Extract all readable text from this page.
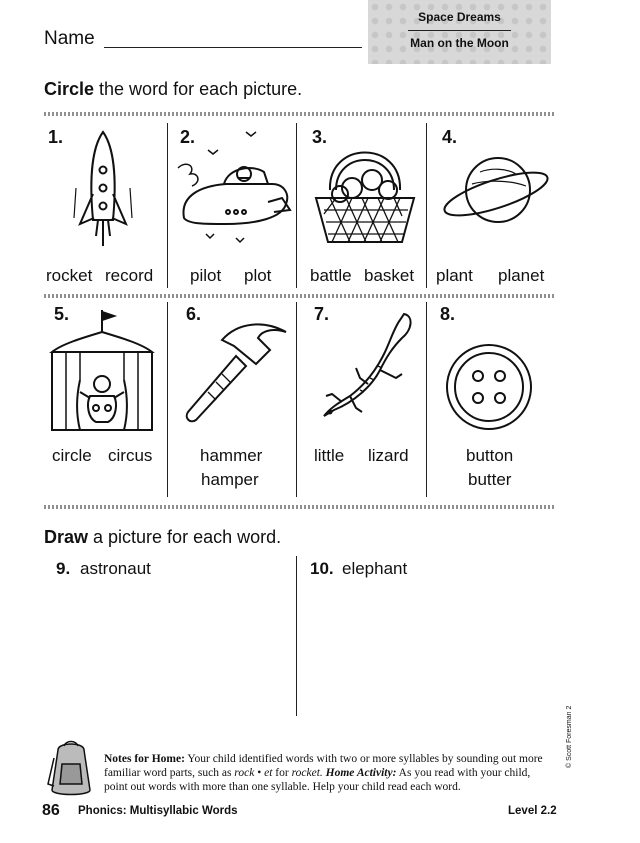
Name
Space Dreams
Man on the Moon
Circle the word for each picture.
1.
rocket record
2.
pilot plot
3.
battle basket
4.
plant planet
5.
circle circus
6.
hammer
hamper
7.
little lizard
8.
button
butter
Draw a picture for each word.
9. astronaut	10. elephant
Notes for Home: Your child identified words with two or more syllables by sounding out more familiar word parts, such as rock • et for rocket. Home Activity: As you read with your child, point out words with more than one syllable. Help your child read each word.
© Scott Foresman 2
86 Phonics: Multisyllabic Words	Level 2.2
